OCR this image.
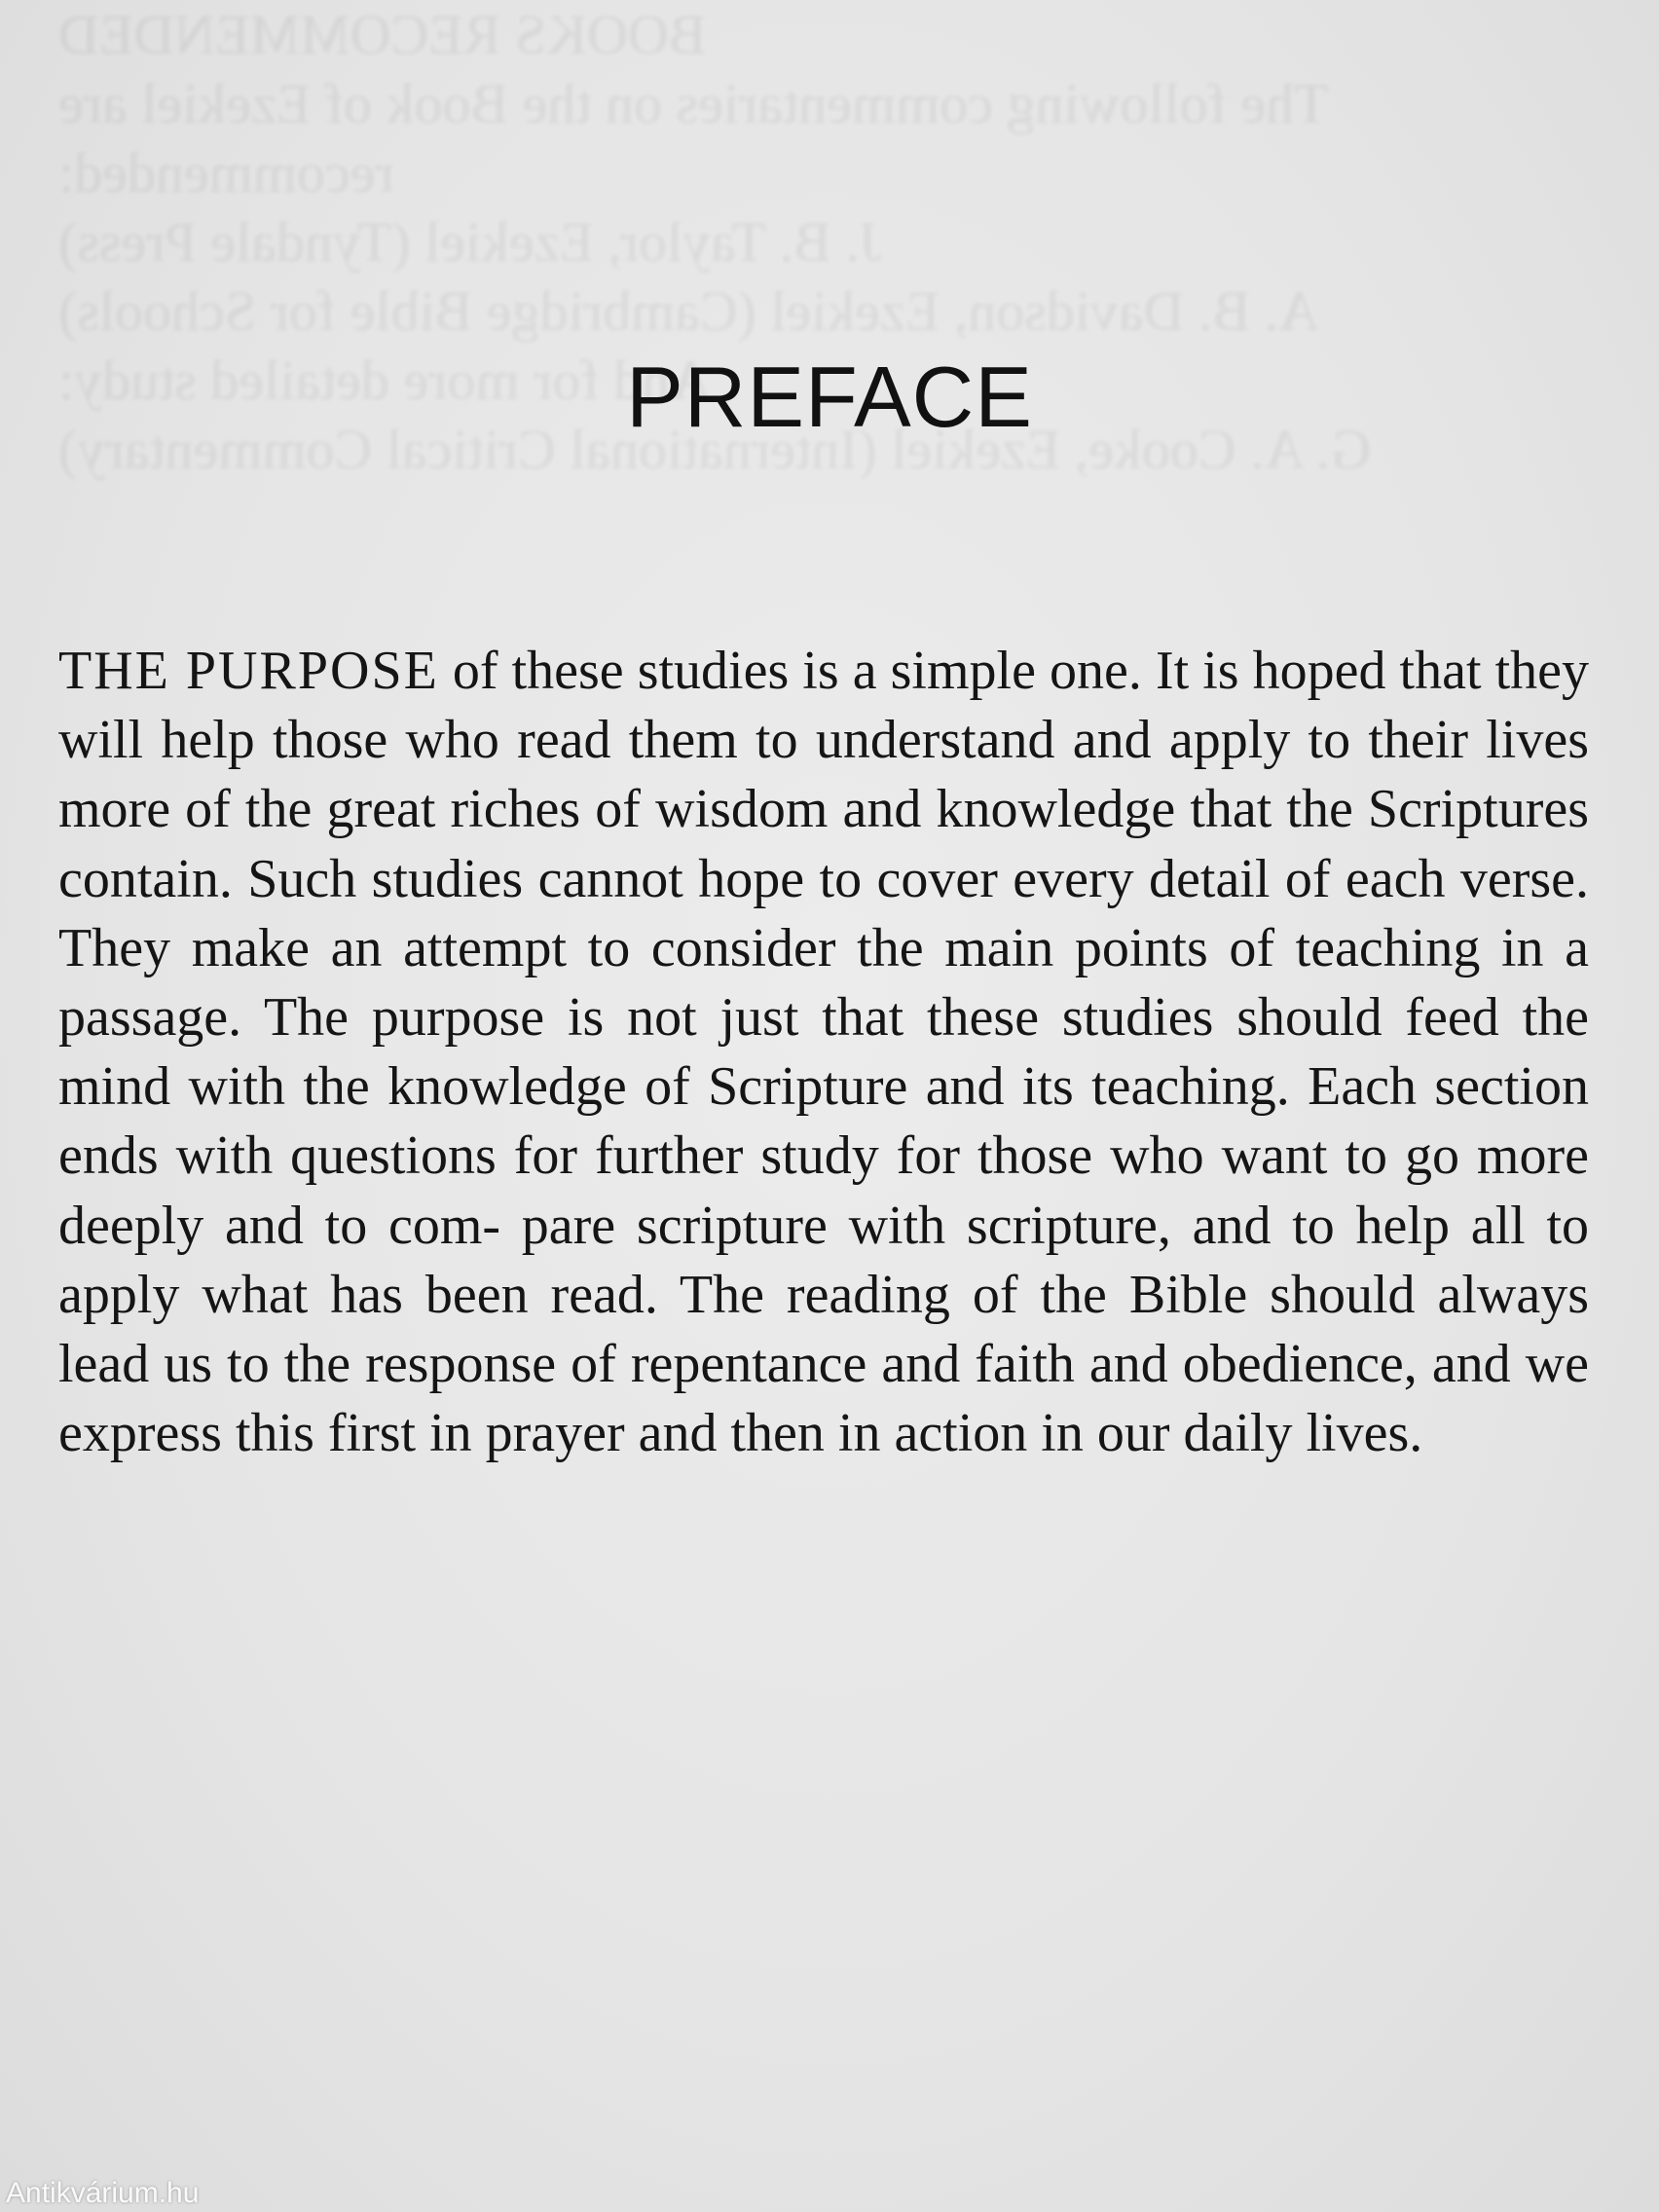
BOOKS RECOMMENDED
The following commentaries on the Book of Ezekiel are recommended:
J. B. Taylor, Ezekiel (Tyndale Press)
A. B. Davidson, Ezekiel (Cambridge Bible for Schools)
And for more detailed study:
G. A. Cooke, Ezekiel (International Critical Commentary)
PREFACE

THE PURPOSE of these studies is a simple one. It is hoped that they will help those who read them to understand and apply to their lives more of the great riches of wisdom and knowledge that the Scriptures contain. Such studies cannot hope to cover every detail of each verse. They make an attempt to consider the main points of teaching in a passage. The purpose is not just that these studies should feed the mind with the knowledge of Scripture and its teaching. Each section ends with questions for further study for those who want to go more deeply and to com- pare scripture with scripture, and to help all to apply what has been read. The reading of the Bible should always lead us to the response of repentance and faith and obedience, and we express this first in prayer and then in action in our daily lives.

Antikvárium.hu
